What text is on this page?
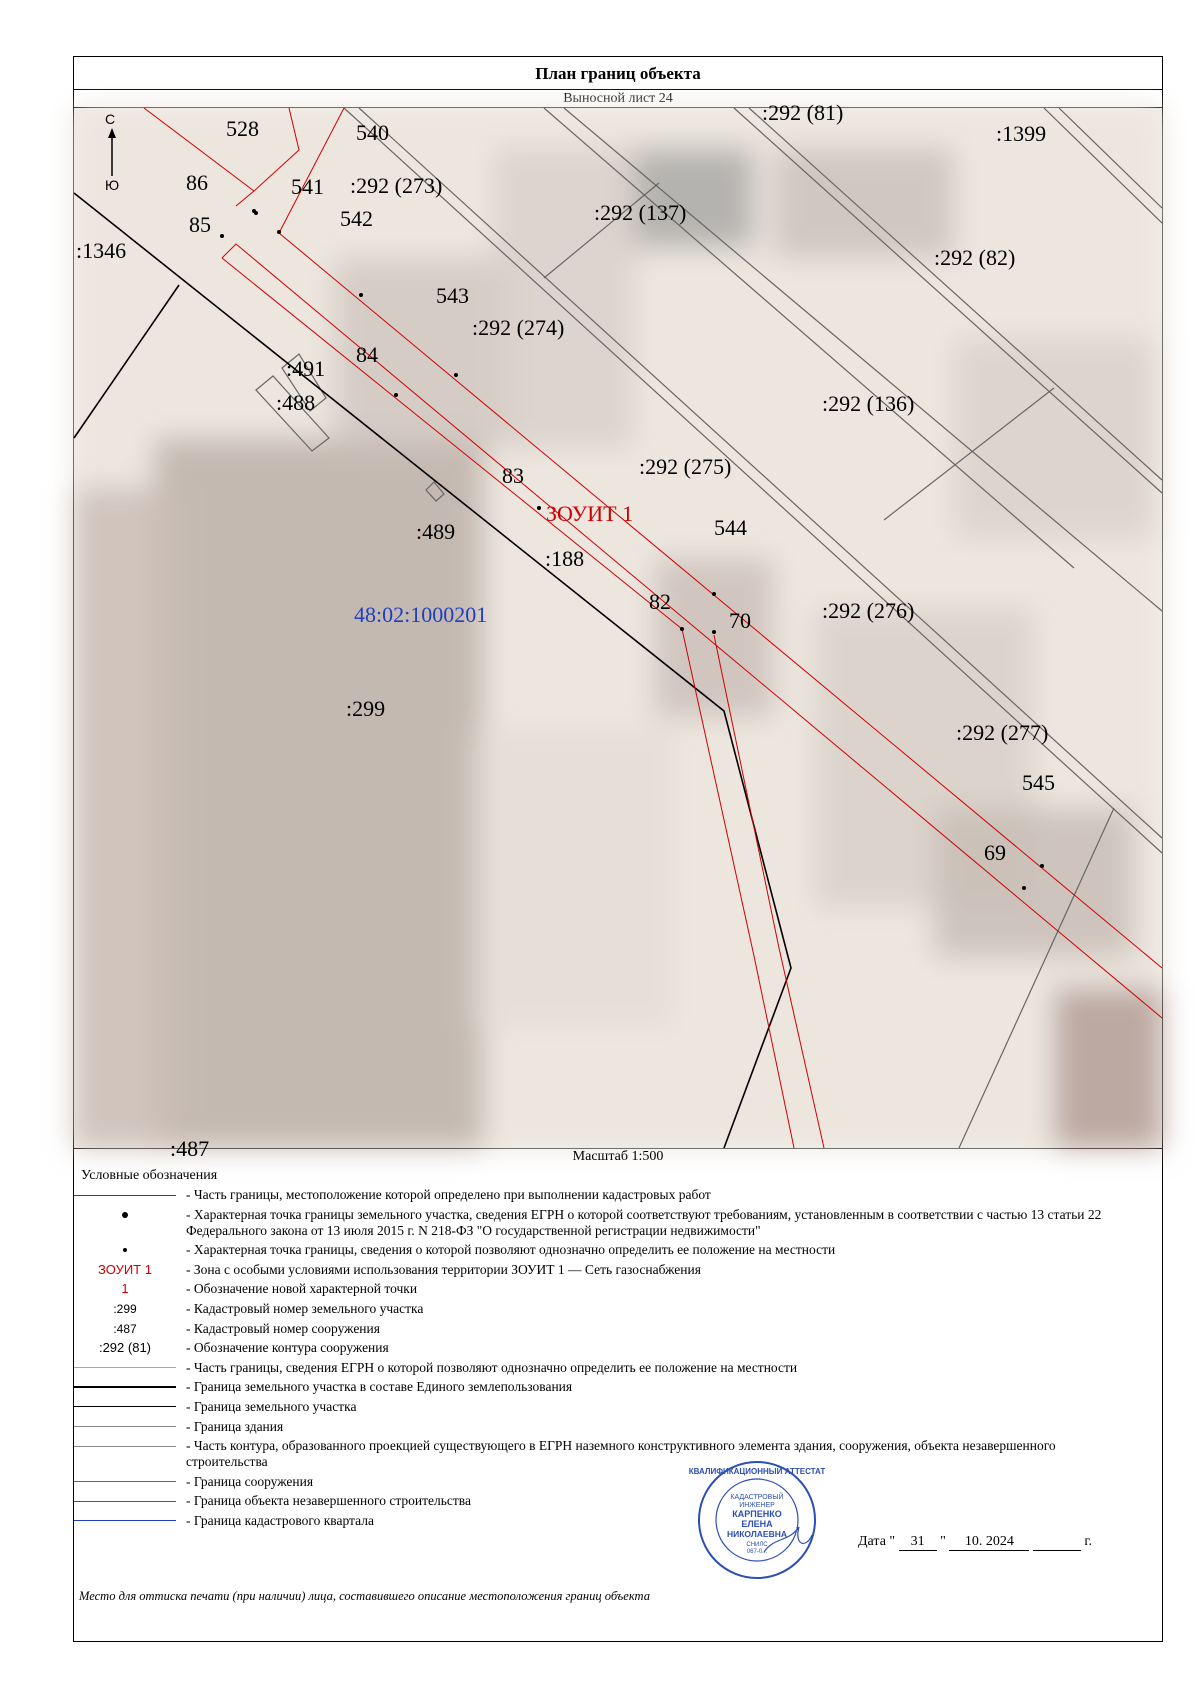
План границ объекта
Выносной лист 24
С
Ю
528	540
86	541 :292 (273)
85	542	:292 (137)
:292 (81)
:1399
:1346	:292 (82)
543
:292 (274)
84
:491
:488	:292 (136)
83	:292 (275)
ЗОУИТ 1
544
:489
:188
82
70	:292 (276)
48:02:1000201
:299
:292 (277)
545
69
:487	Масштаб 1:500
Условные обозначения
- Часть границы, местоположение которой определено при выполнении кадастровых работ
- Характерная точка границы земельного участка, сведения ЕГРН о которой соответствуют требованиям, установленным в соответствии с частью 13 статьи 22 Федерального закона от 13 июля 2015 г. N 218-ФЗ "О государственной регистрации недвижимости"
- Характерная точка границы, сведения о которой позволяют однозначно определить ее положение на местности
ЗОУИТ 1	- Зона с особыми условиями использования территории ЗОУИТ 1 — Сеть газоснабжения
1	- Обозначение новой характерной точки
:299	- Кадастровый номер земельного участка
:487	- Кадастровый номер сооружения
:292 (81)	- Обозначение контура сооружения
- Часть границы, сведения ЕГРН о которой позволяют однозначно определить ее положение на местности
- Граница земельного участка в составе Единого землепользования
- Граница земельного участка
- Граница здания
- Часть контура, образованного проекцией существующего в ЕГРН наземного конструктивного элемента здания, сооружения, объекта незавершенного строительства
- Граница сооружения
- Граница объекта незавершенного строительства
- Граница кадастрового квартала
КАДАСТРОВЫЙ
ИНЖЕНЕР
КАРПЕНКО
ЕЛЕНА
НИКОЛАЕВНА
СНИЛС
067-0...
КВАЛИФИКАЦИОННЫЙ АТТЕСТАТ
Дата " 31 " 10. 2024	г.
Место для оттиска печати (при наличии) лица, составившего описание местоположения границ объекта
